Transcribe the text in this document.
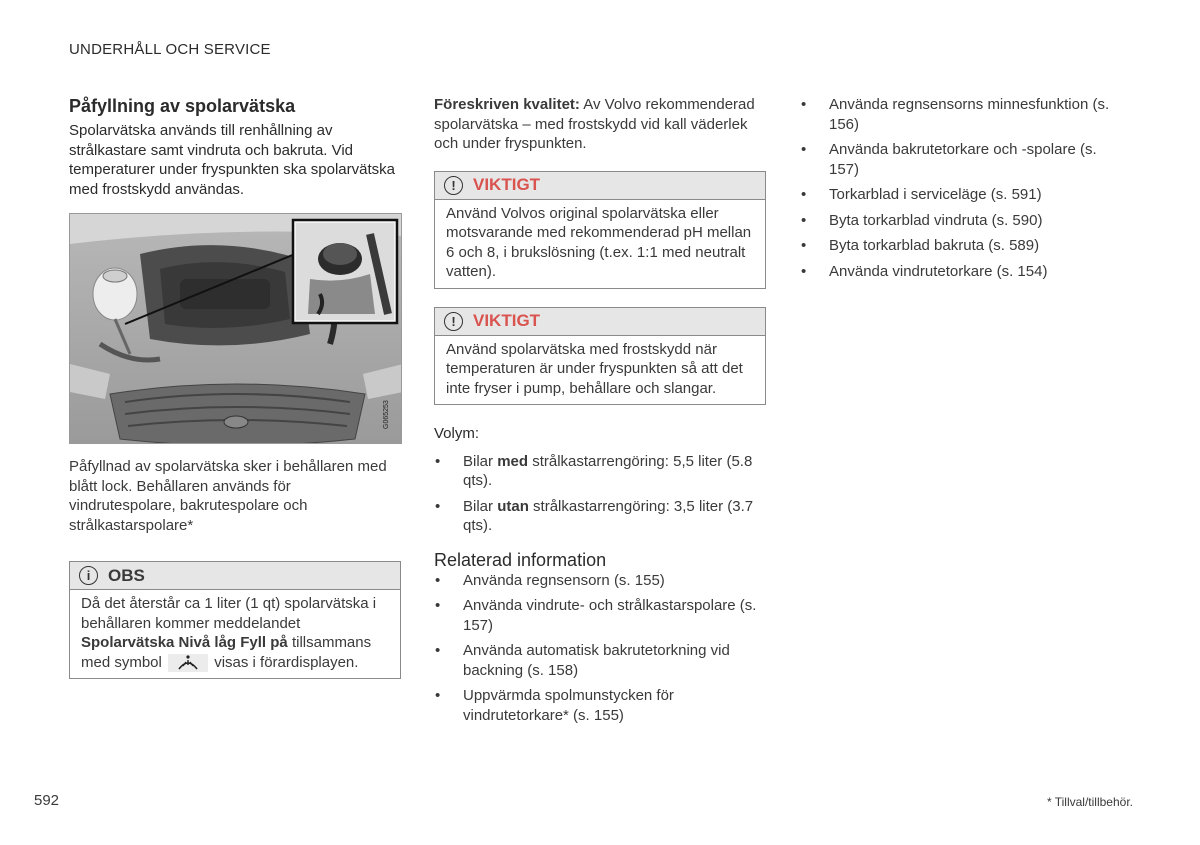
UNDERHÅLL OCH SERVICE
Påfyllning av spolarvätska

Spolarvätska används till renhållning av strålkastare samt vindruta och bakruta. Vid temperaturer under fryspunkten ska spolarvätska med frostskydd användas.

G065253

Påfyllnad av spolarvätska sker i behållaren med blått lock. Behållaren används för vindrutespolare, bakrutespolare och strålkastarspolare*

i	OBS
Då det återstår ca 1 liter (1 qt) spolarvätska i behållaren kommer meddelandet
Spolarvätska Nivå låg Fyll på tillsammans med symbol	visas i förardisplayen.

Föreskriven kvalitet: Av Volvo rekommenderad spolarvätska – med frostskydd vid kall väderlek och under fryspunkten.

!	VIKTIGT
Använd Volvos original spolarvätska eller motsvarande med rekommenderad pH mellan 6 och 8, i brukslösning (t.ex. 1:1 med neutralt vatten).
!	VIKTIGT
Använd spolarvätska med frostskydd när temperaturen är under fryspunkten så att det inte fryser i pump, behållare och slangar.

Volym:

• Bilar med strålkastarrengöring: 5,5 liter (5.8 qts).
• Bilar utan strålkastarrengöring: 3,5 liter (3.7 qts).
Relaterad information
• Använda regnsensorn (s. 155)
• Använda vindrute- och strålkastarspolare (s. 157)
• Använda automatisk bakrutetorkning vid backning (s. 158)
• Uppvärmda spolmunstycken för vindrutetorkare* (s. 155)
• Använda regnsensorns minnesfunktion (s. 156)
• Använda bakrutetorkare och -spolare (s. 157)
• Torkarblad i serviceläge (s. 591)
• Byta torkarblad vindruta (s. 590)
• Byta torkarblad bakruta (s. 589)
• Använda vindrutetorkare (s. 154)
592	* Tillval/tillbehör.
